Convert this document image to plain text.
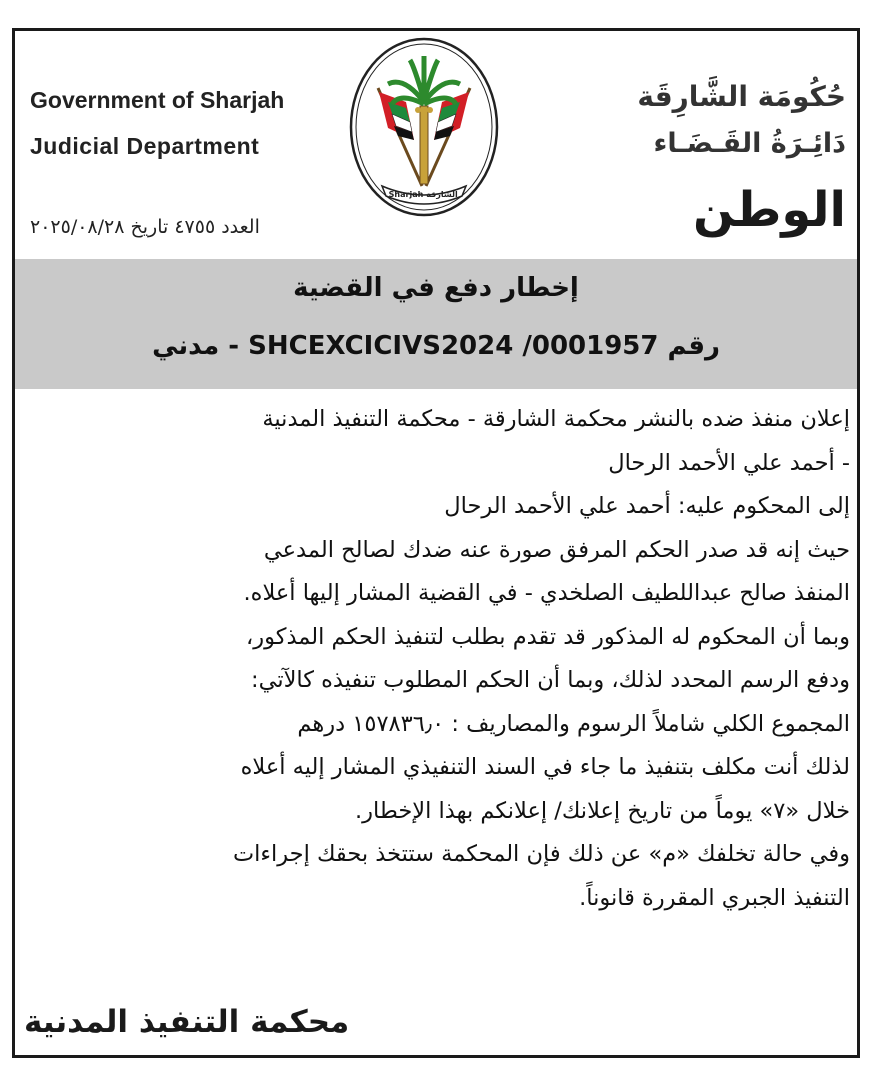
Government of Sharjah
Judicial Department
حُكُومَة الشَّارِقَة
دَائِـرَةُ القَـضَـاء
Sharjah الشارقة	الوطن
العدد ٤٧٥٥ تاريخ ٢٠٢٥/٠٨/٢٨
إخطار دفع في القضية
رقم SHCEXCICIVS2024 /0001957 - مدني

إعلان منفذ ضده بالنشر محكمة الشارقة - محكمة التنفيذ المدنية

- أحمد علي الأحمد الرحال

إلى المحكوم عليه: أحمد علي الأحمد الرحال

حيث إنه قد صدر الحكم المرفق صورة عنه ضدك لصالح المدعي

المنفذ صالح عبداللطيف الصلخدي - في القضية المشار إليها أعلاه.

وبما أن المحكوم له المذكور قد تقدم بطلب لتنفيذ الحكم المذكور،

ودفع الرسم المحدد لذلك، وبما أن الحكم المطلوب تنفيذه كالآتي:

المجموع الكلي شاملاً الرسوم والمصاريف : ١٥٧٨٣٦٫٠ درهم

لذلك أنت مكلف بتنفيذ ما جاء في السند التنفيذي المشار إليه أعلاه

خلال «٧» يوماً من تاريخ إعلانك/ إعلانكم بهذا الإخطار.

وفي حالة تخلفك «م» عن ذلك فإن المحكمة ستتخذ بحقك إجراءات

التنفيذ الجبري المقررة قانوناً.

محكمة التنفيذ المدنية
